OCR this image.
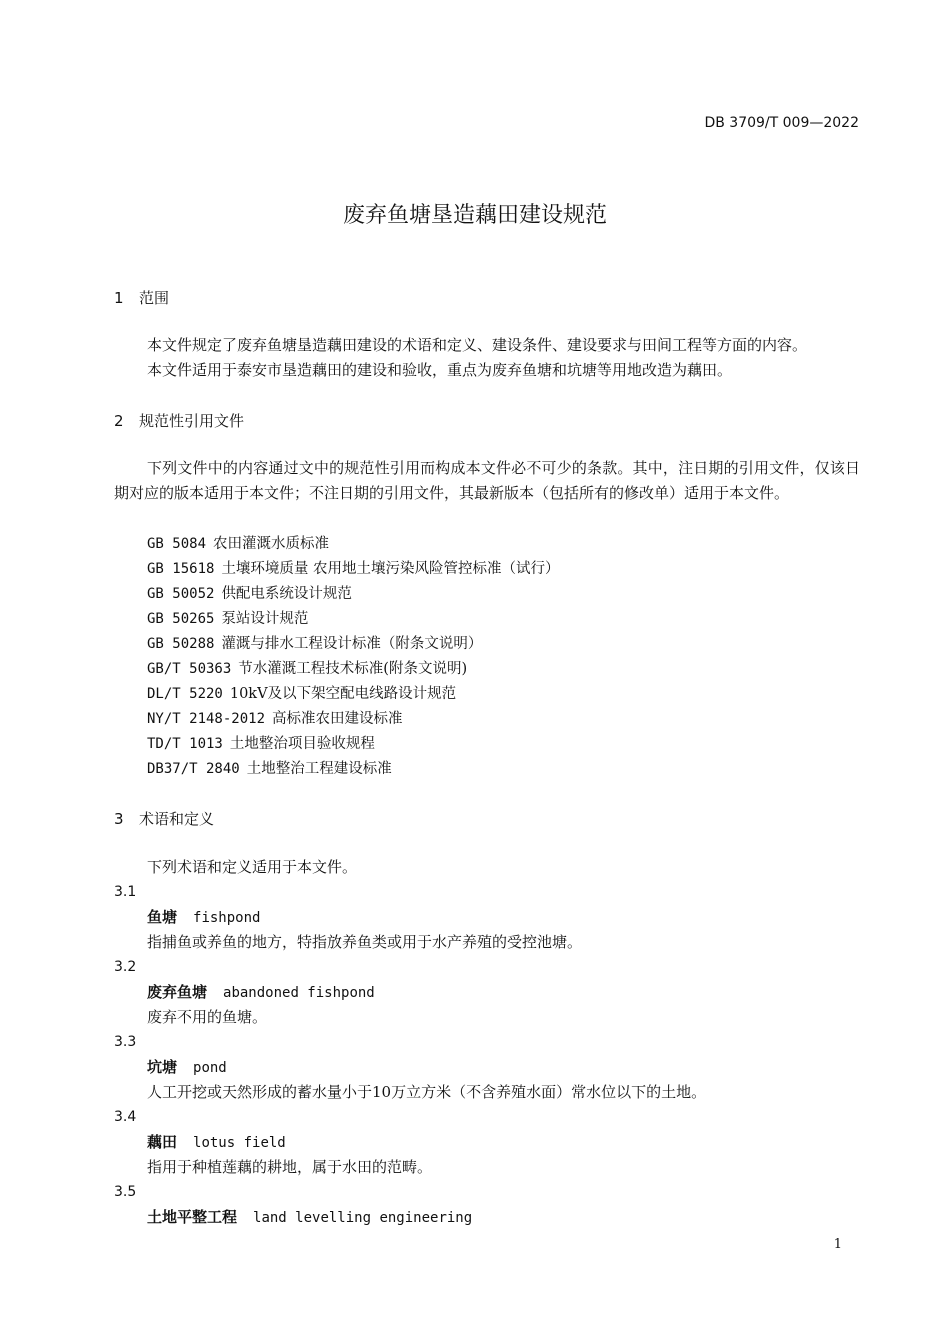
DB 3709/T 009—2022
废弃鱼塘垦造藕田建设规范
1 范围
本文件规定了废弃鱼塘垦造藕田建设的术语和定义、建设条件、建设要求与田间工程等方面的内容。
本文件适用于泰安市垦造藕田的建设和验收，重点为废弃鱼塘和坑塘等用地改造为藕田。
2 规范性引用文件
下列文件中的内容通过文中的规范性引用而构成本文件必不可少的条款。其中，注日期的引用文件，仅该日期对应的版本适用于本文件；不注日期的引用文件，其最新版本（包括所有的修改单）适用于本文件。
GB 5084 农田灌溉水质标准
GB 15618 土壤环境质量 农用地土壤污染风险管控标准（试行）
GB 50052 供配电系统设计规范
GB 50265 泵站设计规范
GB 50288 灌溉与排水工程设计标准（附条文说明）
GB/T 50363 节水灌溉工程技术标准(附条文说明)
DL/T 5220 10kV及以下架空配电线路设计规范
NY/T 2148-2012 高标准农田建设标准
TD/T 1013 土地整治项目验收规程
DB37/T 2840 土地整治工程建设标准
3 术语和定义
下列术语和定义适用于本文件。
3.1
鱼塘 fishpond
指捕鱼或养鱼的地方，特指放养鱼类或用于水产养殖的受控池塘。
3.2
废弃鱼塘 abandoned fishpond
废弃不用的鱼塘。
3.3
坑塘 pond
人工开挖或天然形成的蓄水量小于10万立方米（不含养殖水面）常水位以下的土地。
3.4
藕田 lotus field
指用于种植莲藕的耕地，属于水田的范畴。
3.5
土地平整工程 land levelling engineering
1
